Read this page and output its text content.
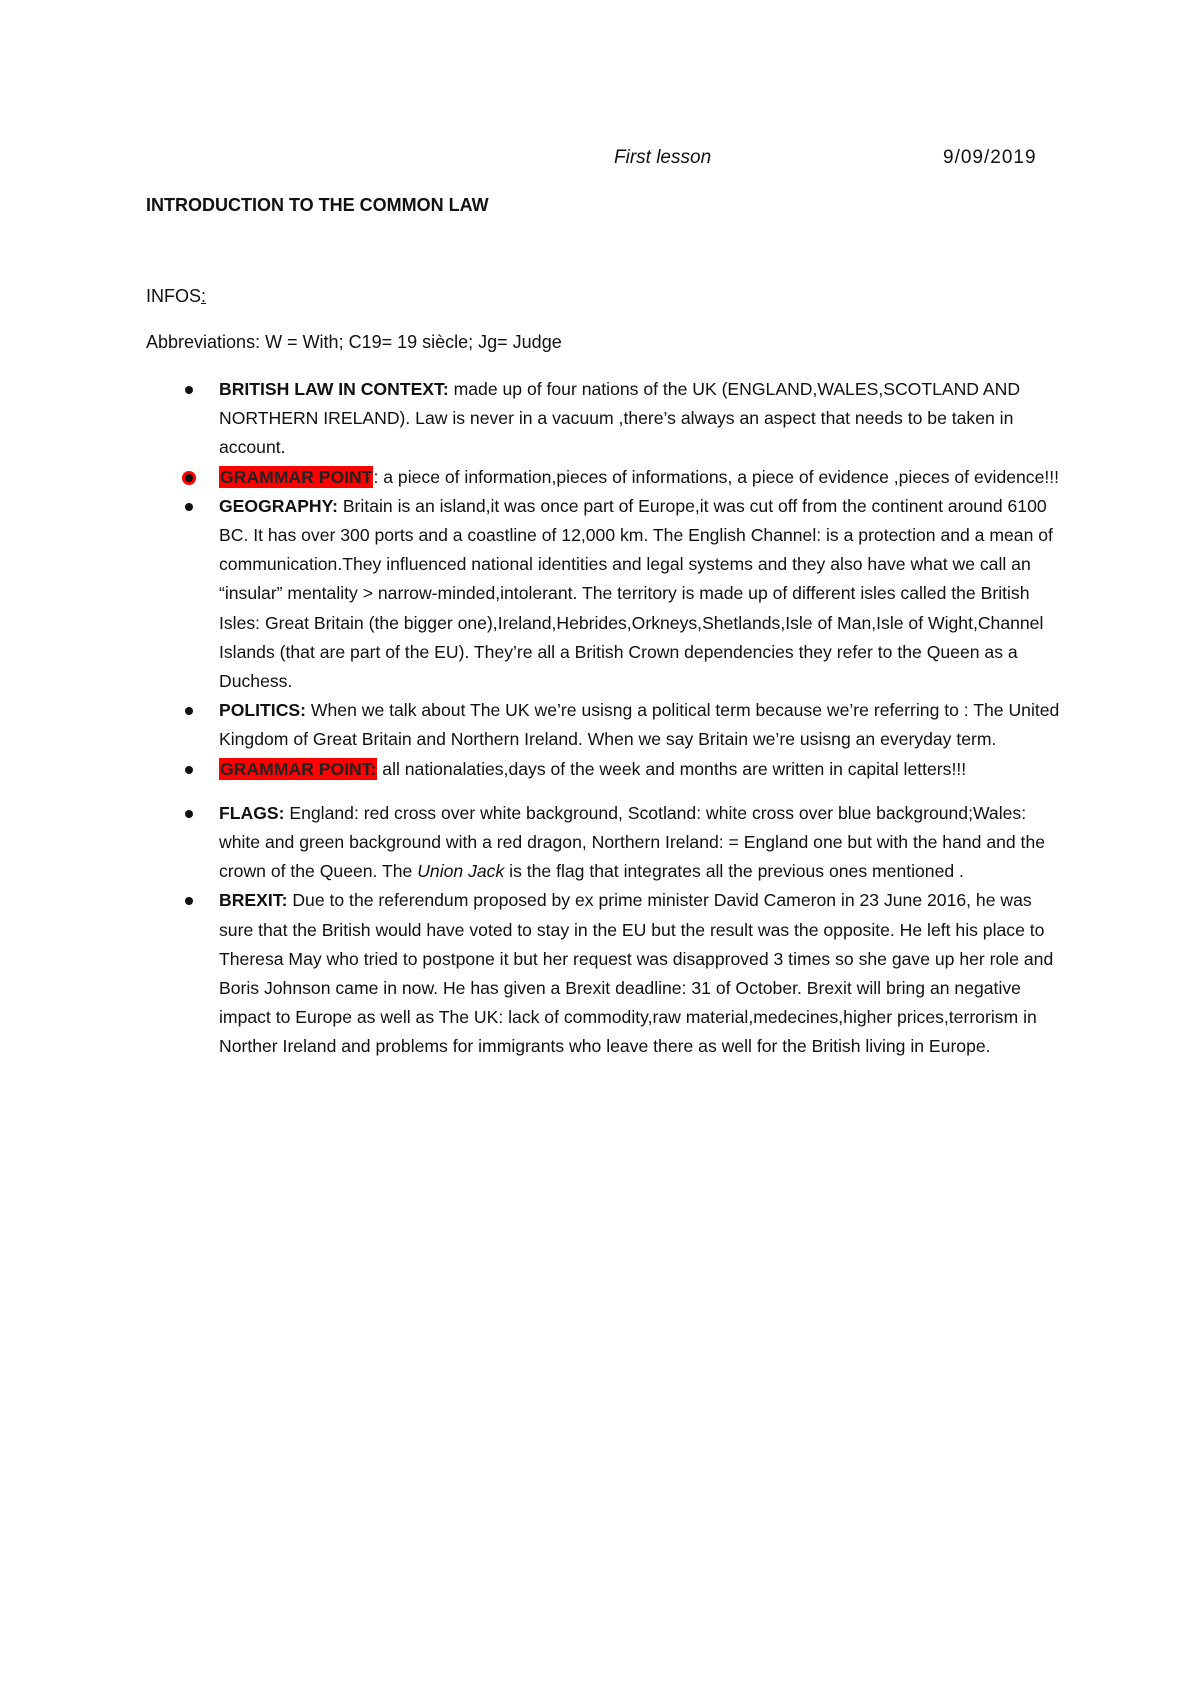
First lesson	9/09/2019
INTRODUCTION TO THE COMMON LAW
INFOS:
Abbreviations: W = With; C19= 19 siècle; Jg= Judge
BRITISH LAW IN CONTEXT: made up of four nations of the UK (ENGLAND,WALES,SCOTLAND AND NORTHERN IRELAND). Law is never in a vacuum ,there’s always an aspect that needs to be taken in account.
GRAMMAR POINT: a piece of information,pieces of informations, a piece of evidence ,pieces of evidence!!!
GEOGRAPHY: Britain is an island,it was once part of Europe,it was cut off from the continent around 6100 BC. It has over 300 ports and a coastline of 12,000 km. The English Channel: is a protection and a mean of communication.They influenced national identities and legal systems and they also have what we call an “insular” mentality > narrow-minded,intolerant. The territory is made up of different isles called the British Isles: Great Britain (the bigger one),Ireland,Hebrides,Orkneys,Shetlands,Isle of Man,Isle of Wight,Channel Islands (that are part of the EU). They’re all a British Crown dependencies they refer to the Queen as a Duchess.
POLITICS: When we talk about The UK we’re usisng a political term because we’re referring to : The United Kingdom of Great Britain and Northern Ireland. When we say Britain we’re usisng an everyday term.
GRAMMAR POINT: all nationalaties,days of the week and months are written in capital letters!!!
FLAGS: England: red cross over white background, Scotland: white cross over blue background;Wales: white and green background with a red dragon, Northern Ireland: = England one but with the hand and the crown of the Queen. The Union Jack is the flag that integrates all the previous ones mentioned .
BREXIT: Due to the referendum proposed by ex prime minister David Cameron in 23 June 2016, he was sure that the British would have voted to stay in the EU but the result was the opposite. He left his place to Theresa May who tried to postpone it but her request was disapproved 3 times so she gave up her role and Boris Johnson came in now. He has given a Brexit deadline: 31 of October. Brexit will bring an negative impact to Europe as well as The UK: lack of commodity,raw material,medecines,higher prices,terrorism in Norther Ireland and problems for immigrants who leave there as well for the British living in Europe.
